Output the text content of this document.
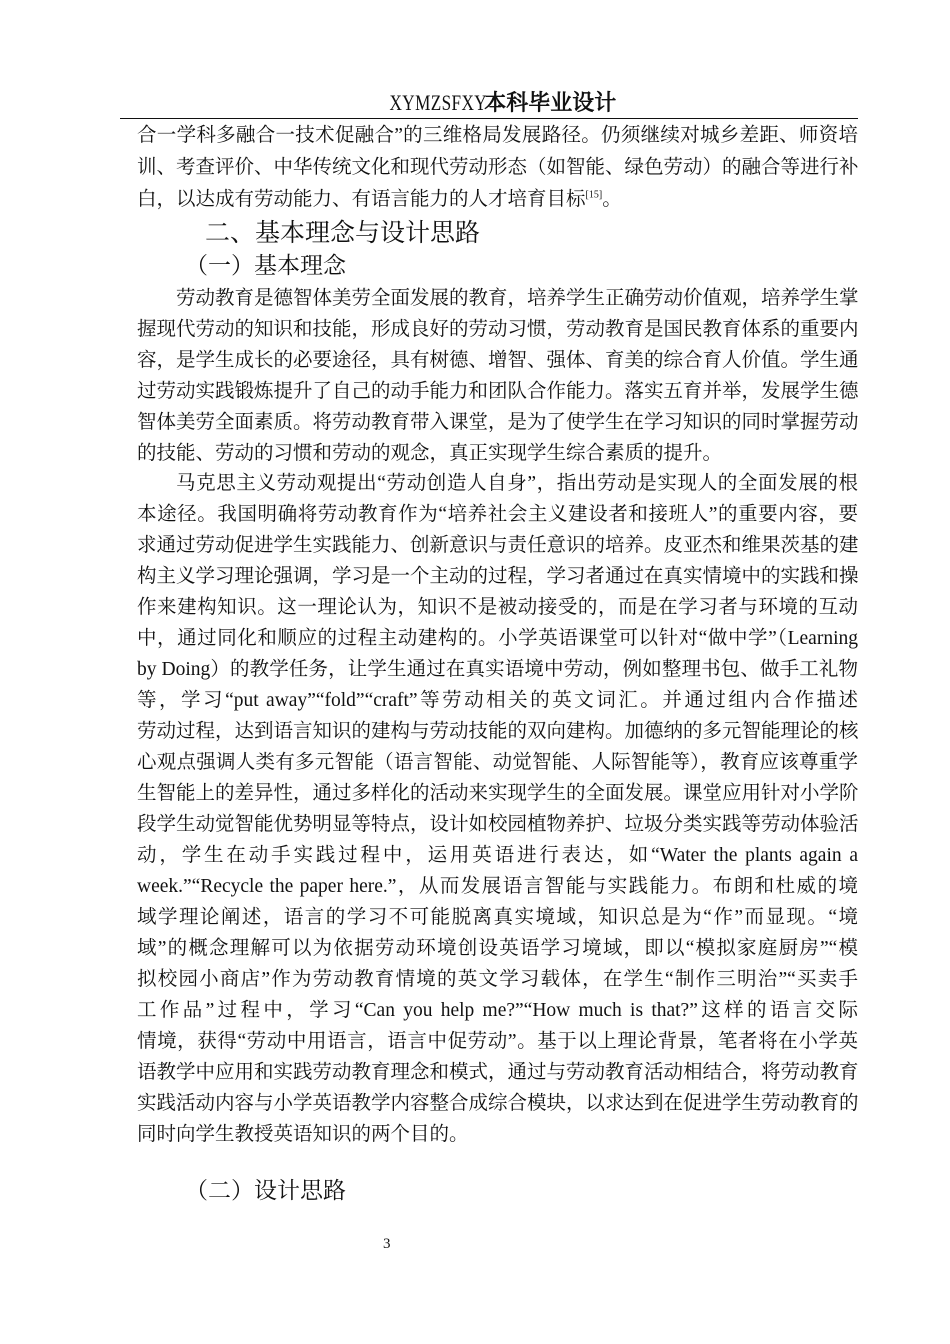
XYMZSFXY 本科毕业设计
合一学科多融合一技术促融合”的三维格局发展路径。仍须继续对城乡差距、师资培
训、考查评价、中华传统文化和现代劳动形态（如智能、绿色劳动）的融合等进行补
白，以达成有劳动能力、有语言能力的人才培育目标[15]。
二、基本理念与设计思路
（一）基本理念
劳动教育是德智体美劳全面发展的教育，培养学生正确劳动价值观，培养学生掌
握现代劳动的知识和技能，形成良好的劳动习惯，劳动教育是国民教育体系的重要内
容，是学生成长的必要途径，具有树德、增智、强体、育美的综合育人价值。学生通
过劳动实践锻炼提升了自己的动手能力和团队合作能力。落实五育并举，发展学生德
智体美劳全面素质。将劳动教育带入课堂，是为了使学生在学习知识的同时掌握劳动
的技能、劳动的习惯和劳动的观念，真正实现学生综合素质的提升。
马克思主义劳动观提出“劳动创造人自身”，指出劳动是实现人的全面发展的根
本途径。我国明确将劳动教育作为“培养社会主义建设者和接班人”的重要内容，要
求通过劳动促进学生实践能力、创新意识与责任意识的培养。皮亚杰和维果茨基的建
构主义学习理论强调，学习是一个主动的过程，学习者通过在真实情境中的实践和操
作来建构知识。这一理论认为，知识不是被动接受的，而是在学习者与环境的互动
中，通过同化和顺应的过程主动建构的。小学英语课堂可以针对“做中学”（Learning
by Doing）的教学任务，让学生通过在真实语境中劳动，例如整理书包、做手工礼物
等，学习“put away”“fold”“craft”等劳动相关的英文词汇。并通过组内合作描述
劳动过程，达到语言知识的建构与劳动技能的双向建构。加德纳的多元智能理论的核
心观点强调人类有多元智能（语言智能、动觉智能、人际智能等），教育应该尊重学
生智能上的差异性，通过多样化的活动来实现学生的全面发展。课堂应用针对小学阶
段学生动觉智能优势明显等特点，设计如校园植物养护、垃圾分类实践等劳动体验活
动，学生在动手实践过程中，运用英语进行表达，如“Water the plants again a
week.”“Recycle the paper here.”，从而发展语言智能与实践能力。布朗和杜威的境
域学理论阐述，语言的学习不可能脱离真实境域，知识总是为“作”而显现。“境
域”的概念理解可以为依据劳动环境创设英语学习境域，即以“模拟家庭厨房”“模
拟校园小商店”作为劳动教育情境的英文学习载体，在学生“制作三明治”“买卖手
工作品”过程中，学习“Can you help me?”“How much is that?”这样的语言交际
情境，获得“劳动中用语言，语言中促劳动”。基于以上理论背景，笔者将在小学英
语教学中应用和实践劳动教育理念和模式，通过与劳动教育活动相结合，将劳动教育
实践活动内容与小学英语教学内容整合成综合模块，以求达到在促进学生劳动教育的
同时向学生教授英语知识的两个目的。
（二）设计思路
3
